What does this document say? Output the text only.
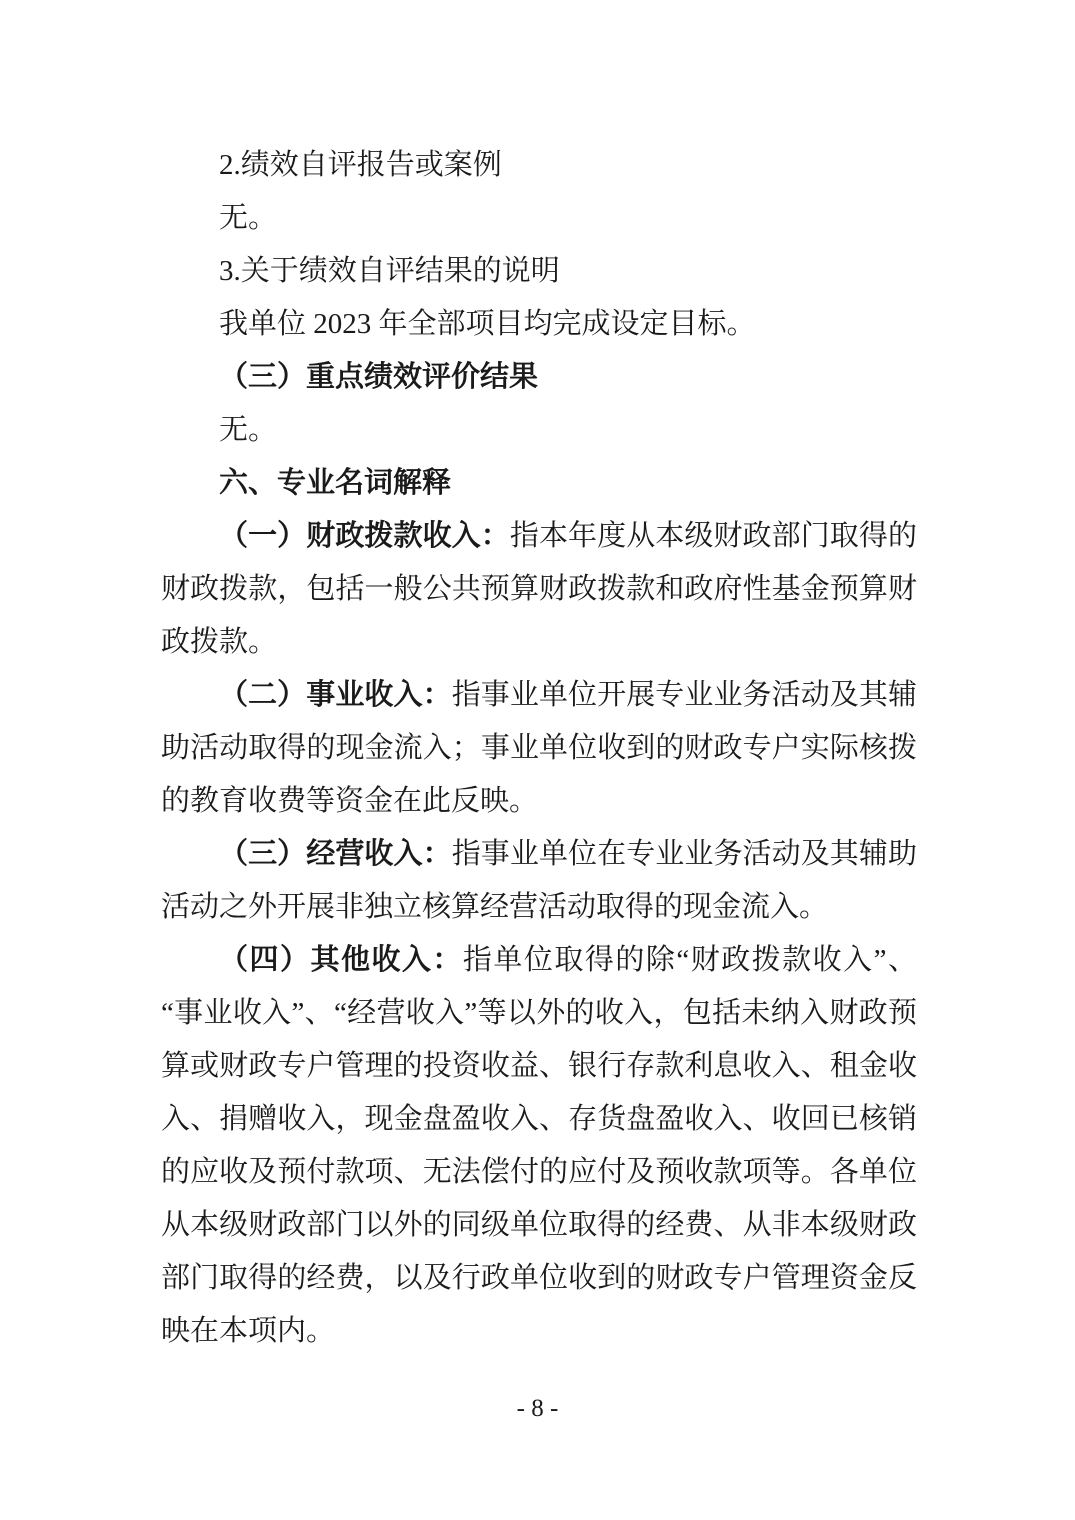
2.绩效自评报告或案例

无。

3.关于绩效自评结果的说明

我单位 2023 年全部项目均完成设定目标。

（三）重点绩效评价结果

无。

六、专业名词解释

（一）财政拨款收入：指本年度从本级财政部门取得的财政拨款，包括一般公共预算财政拨款和政府性基金预算财政拨款。

（二）事业收入：指事业单位开展专业业务活动及其辅助活动取得的现金流入；事业单位收到的财政专户实际核拨的教育收费等资金在此反映。

（三）经营收入：指事业单位在专业业务活动及其辅助活动之外开展非独立核算经营活动取得的现金流入。

（四）其他收入：指单位取得的除“财政拨款收入”、“事业收入”、“经营收入”等以外的收入，包括未纳入财政预算或财政专户管理的投资收益、银行存款利息收入、租金收入、捐赠收入，现金盘盈收入、存货盘盈收入、收回已核销的应收及预付款项、无法偿付的应付及预收款项等。各单位从本级财政部门以外的同级单位取得的经费、从非本级财政部门取得的经费，以及行政单位收到的财政专户管理资金反映在本项内。

- 8 -
